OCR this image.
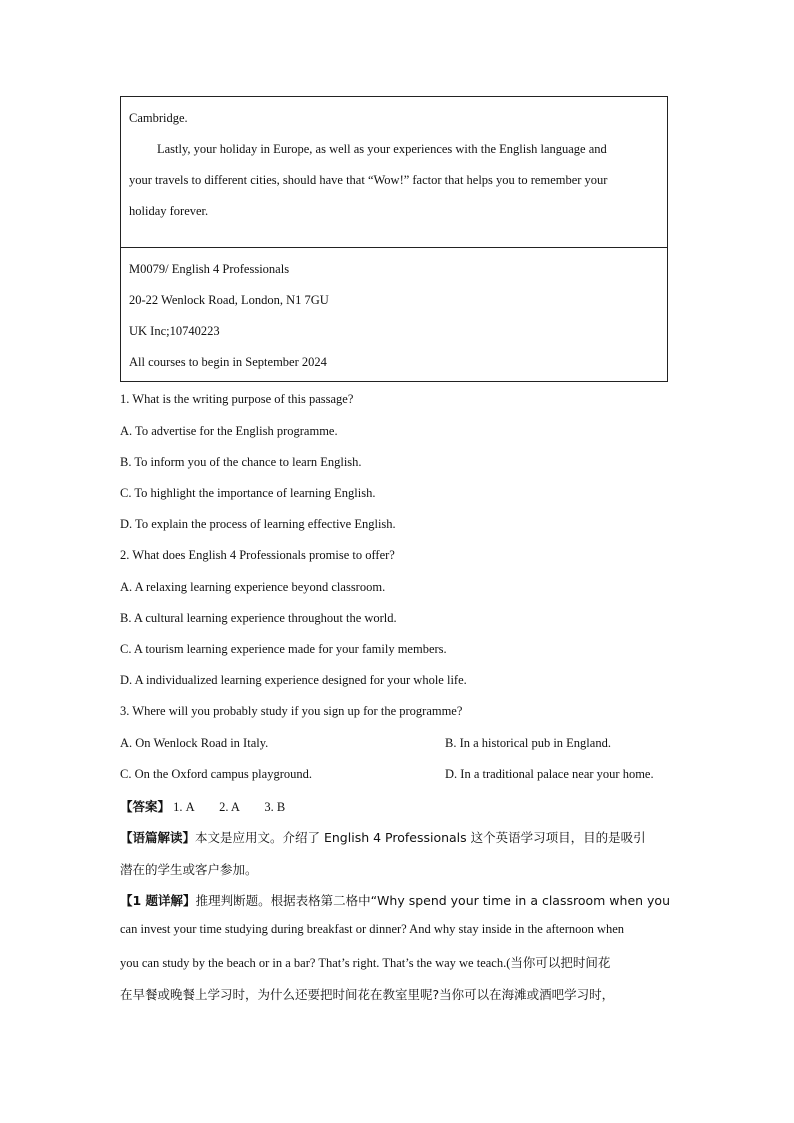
Cambridge.
Lastly, your holiday in Europe, as well as your experiences with the English language and
your travels to different cities, should have that “Wow!” factor that helps you to remember your
holiday forever.
M0079/ English 4 Professionals
20-22 Wenlock Road, London, N1 7GU
UK Inc;10740223
All courses to begin in September 2024
1. What is the writing purpose of this passage?
A. To advertise for the English programme.
B. To inform you of the chance to learn English.
C. To highlight the importance of learning English.
D. To explain the process of learning effective English.
2. What does English 4 Professionals promise to offer?
A. A relaxing learning experience beyond classroom.
B. A cultural learning experience throughout the world.
C. A tourism learning experience made for your family members.
D. A individualized learning experience designed for your whole life.
3. Where will you probably study if you sign up for the programme?
A. On Wenlock Road in Italy.	B. In a historical pub in England.
C. On the Oxford campus playground.	D. In a traditional palace near your home.
【答案】 1. A 2. A 3. B
【语篇解读】本文是应用文。介绍了 English 4 Professionals 这个英语学习项目，目的是吸引
潜在的学生或客户参加。
【1 题详解】推理判断题。根据表格第二格中“Why spend your time in a classroom when you
can invest your time studying during breakfast or dinner? And why stay inside in the afternoon when
you can study by the beach or in a bar? That’s right. That’s the way we teach.(当你可以把时间花
在早餐或晚餐上学习时，为什么还要把时间花在教室里呢?当你可以在海滩或酒吧学习时，
